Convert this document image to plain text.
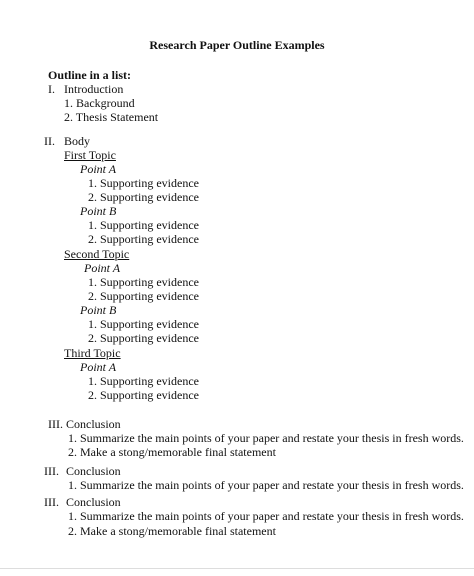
Research Paper Outline Examples
Outline in a list:
I. Introduction
1. Background
2. Thesis Statement
II. Body
First Topic
Point A
1. Supporting evidence
2. Supporting evidence
Point B
1. Supporting evidence
2. Supporting evidence
Second Topic
Point A
1. Supporting evidence
2. Supporting evidence
Point B
1. Supporting evidence
2. Supporting evidence
Third Topic
Point A
1. Supporting evidence
2. Supporting evidence
III. Conclusion
1. Summarize the main points of your paper and restate your thesis in fresh words.
2. Make a stong/memorable final statement
III. Conclusion
1. Summarize the main points of your paper and restate your thesis in fresh words.
III. Conclusion
1. Summarize the main points of your paper and restate your thesis in fresh words.
2. Make a stong/memorable final statement
